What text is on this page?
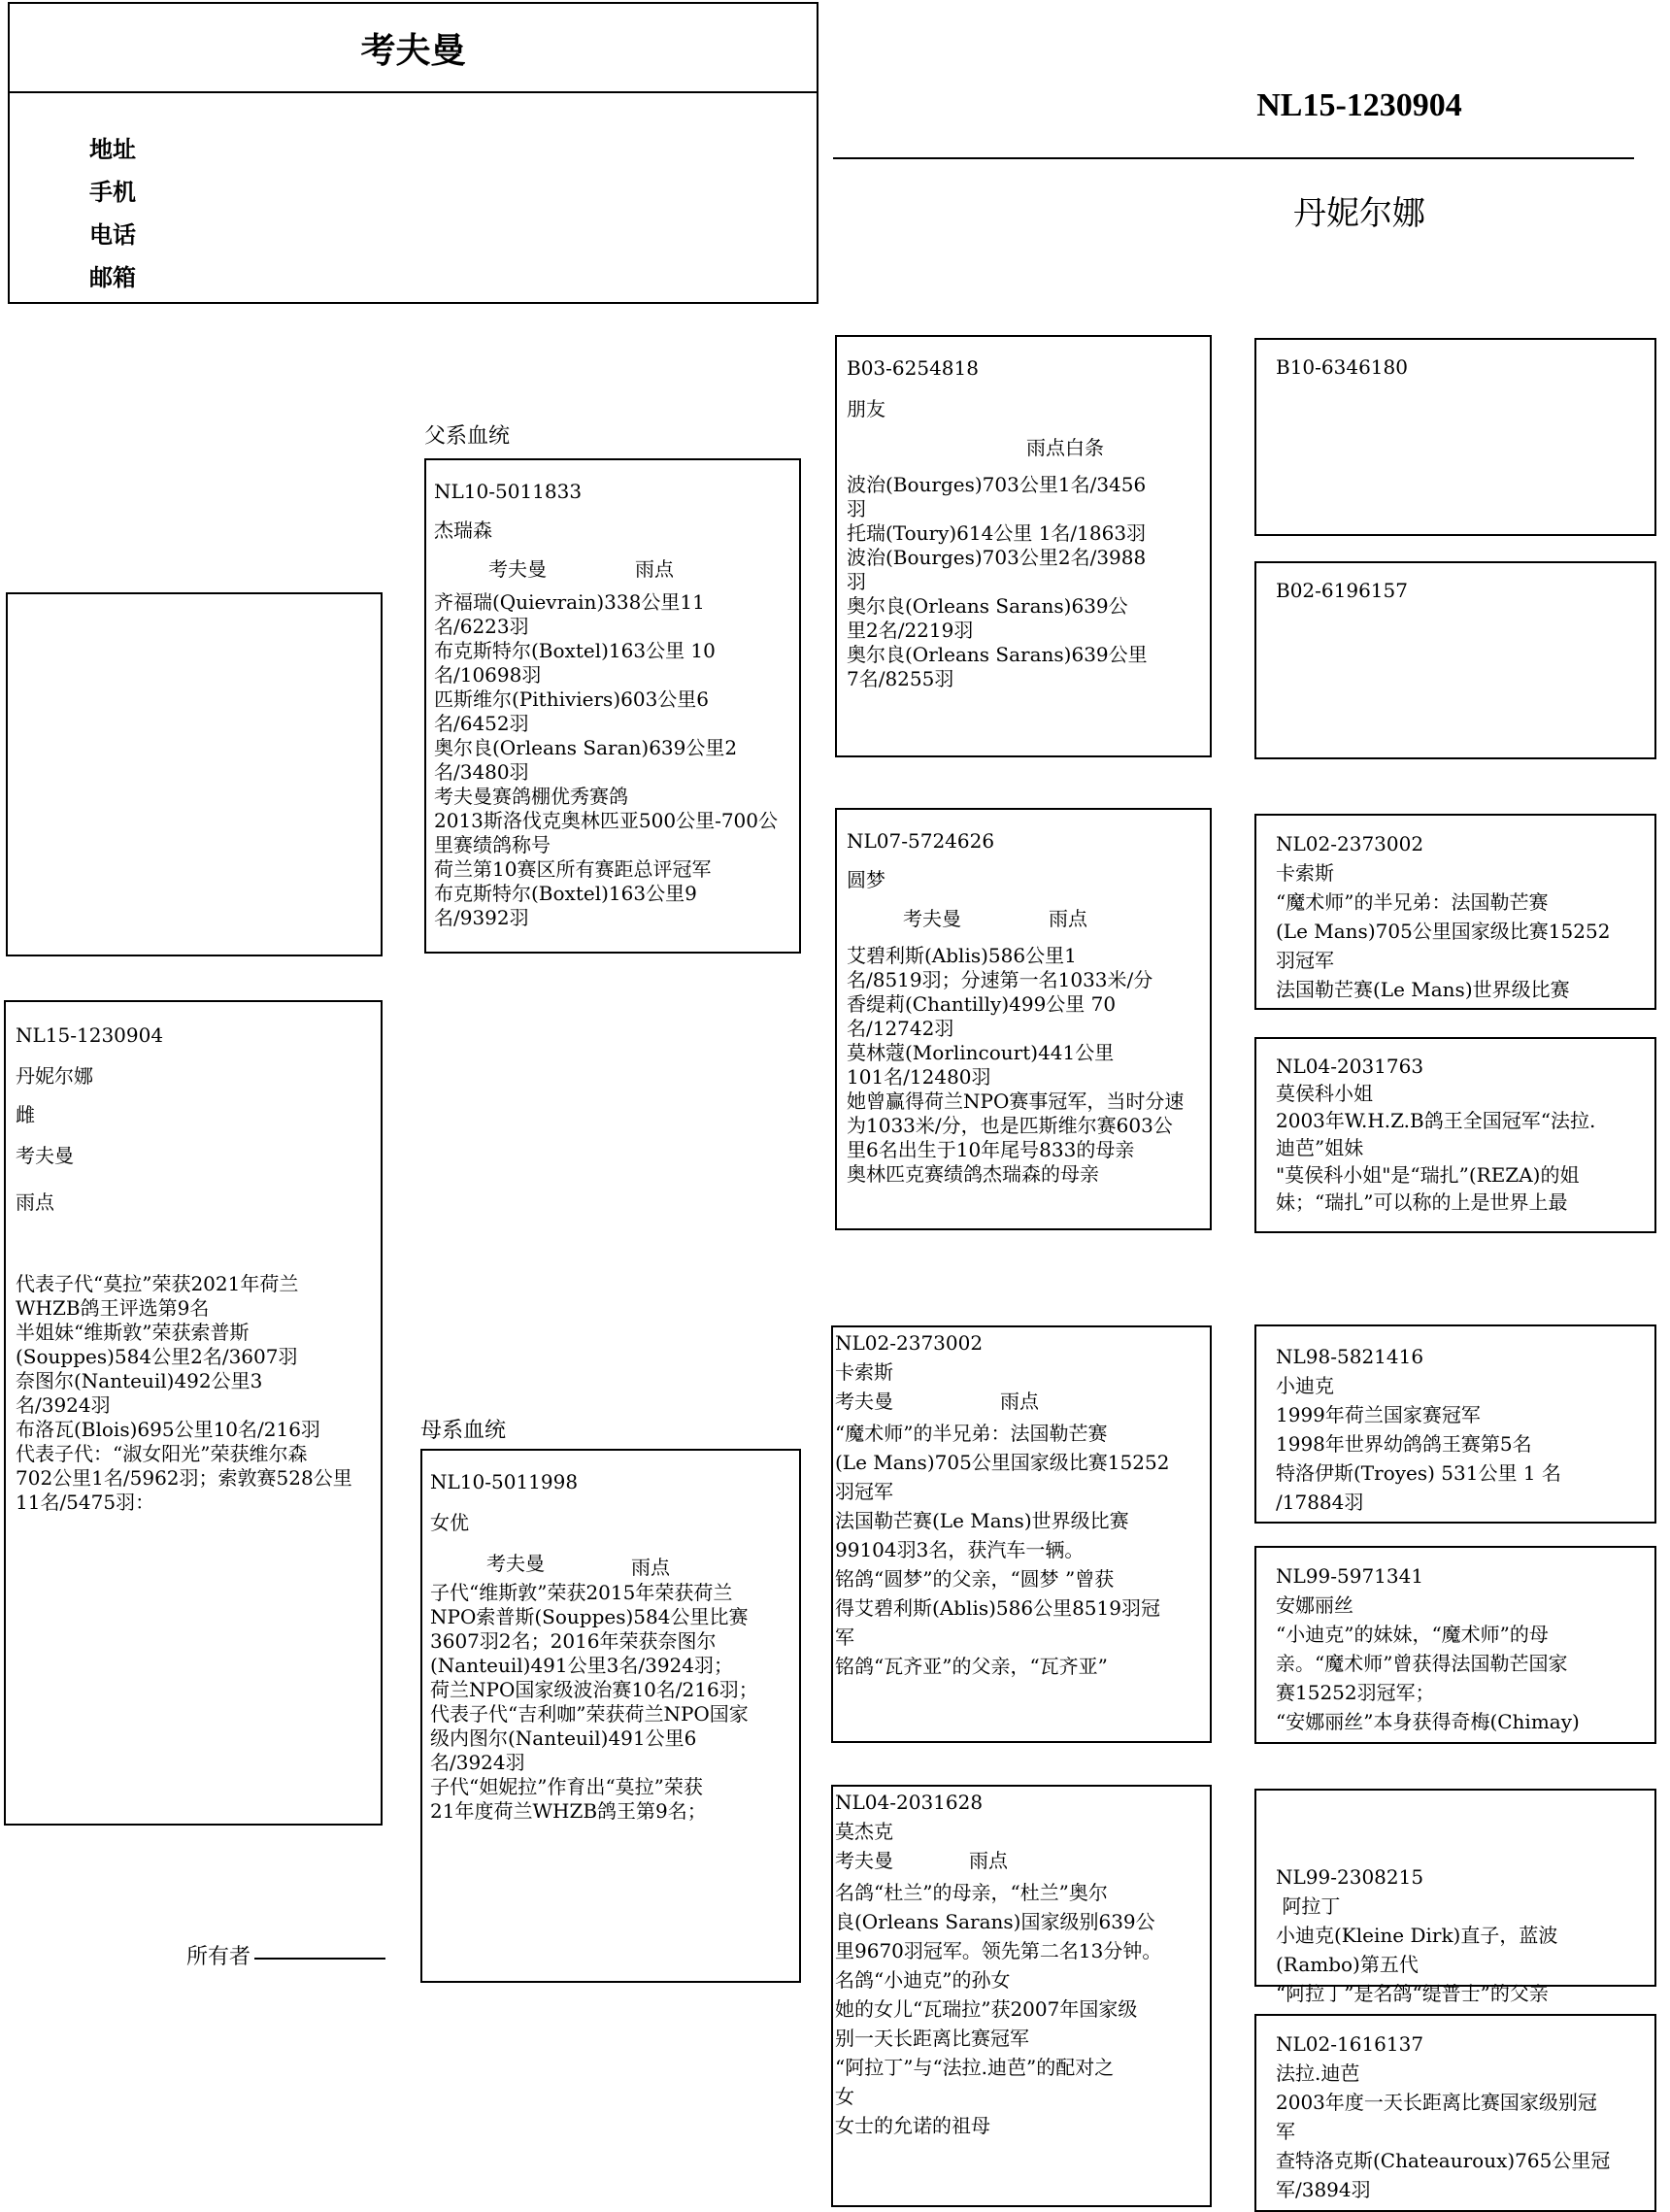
考夫曼
地址
手机
电话
邮箱
NL15-1230904
丹妮尔娜
NL15-1230904
丹妮尔娜
雌
考夫曼
雨点
代表子代“莫拉”荣获2021年荷兰
WHZB鸽王评选第9名
半姐妹“维斯敦”荣获索普斯
(Souppes)584公里2名/3607羽
奈图尔(Nanteuil)492公里3
名/3924羽
布洛瓦(Blois)695公里10名/216羽
代表子代：“淑女阳光”荣获维尔森
702公里1名/5962羽；索敦赛528公里
11名/5475羽：
所有者
父系血统
NL10-5011833
杰瑞森
考夫曼	雨点
齐福瑞(Quievrain)338公里11
名/6223羽
布克斯特尔(Boxtel)163公里 10
名/10698羽
匹斯维尔(Pithiviers)603公里6
名/6452羽
奥尔良(Orleans Saran)639公里2
名/3480羽
考夫曼赛鸽棚优秀赛鸽
2013斯洛伐克奥林匹亚500公里-700公
里赛绩鸽称号
荷兰第10赛区所有赛距总评冠军
布克斯特尔(Boxtel)163公里9
名/9392羽
母系血统
NL10-5011998
女优
考夫曼	雨点
子代“维斯敦”荣获2015年荣获荷兰
NPO索普斯(Souppes)584公里比赛
3607羽2名；2016年荣获奈图尔
(Nanteuil)491公里3名/3924羽；
荷兰NPO国家级波治赛10名/216羽；
代表子代“吉利咖”荣获荷兰NPO国家
级内图尔(Nanteuil)491公里6
名/3924羽
子代“妲妮拉”作育出“莫拉”荣获
21年度荷兰WHZB鸽王第9名；
B03-6254818
朋友
雨点白条
波治(Bourges)703公里1名/3456
羽
托瑞(Toury)614公里 1名/1863羽
波治(Bourges)703公里2名/3988
羽
奥尔良(Orleans Sarans)639公
里2名/2219羽
奥尔良(Orleans Sarans)639公里
7名/8255羽
NL07-5724626
圆梦
考夫曼	雨点
艾碧利斯(Ablis)586公里1
名/8519羽；分速第一名1033米/分
香缇莉(Chantilly)499公里 70
名/12742羽
莫林蔻(Morlincourt)441公里
101名/12480羽
她曾赢得荷兰NPO赛事冠军，当时分速
为1033米/分，也是匹斯维尔赛603公
里6名出生于10年尾号833的母亲
奥林匹克赛绩鸽杰瑞森的母亲
NL02-2373002
卡索斯
考夫曼	雨点
“魔术师”的半兄弟：法国勒芒赛
(Le Mans)705公里国家级比赛15252
羽冠军
法国勒芒赛(Le Mans)世界级比赛
99104羽3名，获汽车一辆。
铭鸽“圆梦”的父亲，“圆梦 ”曾获
得艾碧利斯(Ablis)586公里8519羽冠
军
铭鸽“瓦齐亚”的父亲，“瓦齐亚”
NL04-2031628
莫杰克
考夫曼	雨点
名鸽“杜兰”的母亲，“杜兰”奥尔
良(Orleans Sarans)国家级别639公
里9670羽冠军。领先第二名13分钟。
名鸽“小迪克”的孙女
她的女儿“瓦瑞拉”获2007年国家级
别一天长距离比赛冠军
“阿拉丁”与“法拉.迪芭”的配对之
女
女士的允诺的祖母
B10-6346180
B02-6196157
NL02-2373002
卡索斯
“魔术师”的半兄弟：法国勒芒赛
(Le Mans)705公里国家级比赛15252
羽冠军
法国勒芒赛(Le Mans)世界级比赛
NL04-2031763
莫侯科小姐
2003年W.H.Z.B鸽王全国冠军“法拉.
迪芭”姐妹
"莫侯科小姐"是“瑞扎”(REZA)的姐
妹；“瑞扎”可以称的上是世界上最
NL98-5821416
小迪克
1999年荷兰国家赛冠军
1998年世界幼鸽鸽王赛第5名
特洛伊斯(Troyes) 531公里 1 名
/17884羽
NL99-5971341
安娜丽丝
“小迪克”的妹妹，“魔术师”的母
亲。“魔术师”曾获得法国勒芒国家
赛15252羽冠军；
“安娜丽丝”本身获得奇梅(Chimay)

NL99-2308215
阿拉丁
小迪克(Kleine Dirk)直子，蓝波
(Rambo)第五代
“阿拉丁”是名鸽“缇普士”的父亲

NL02-1616137
法拉.迪芭
2003年度一天长距离比赛国家级别冠
军
查特洛克斯(Chateauroux)765公里冠
军/3894羽
